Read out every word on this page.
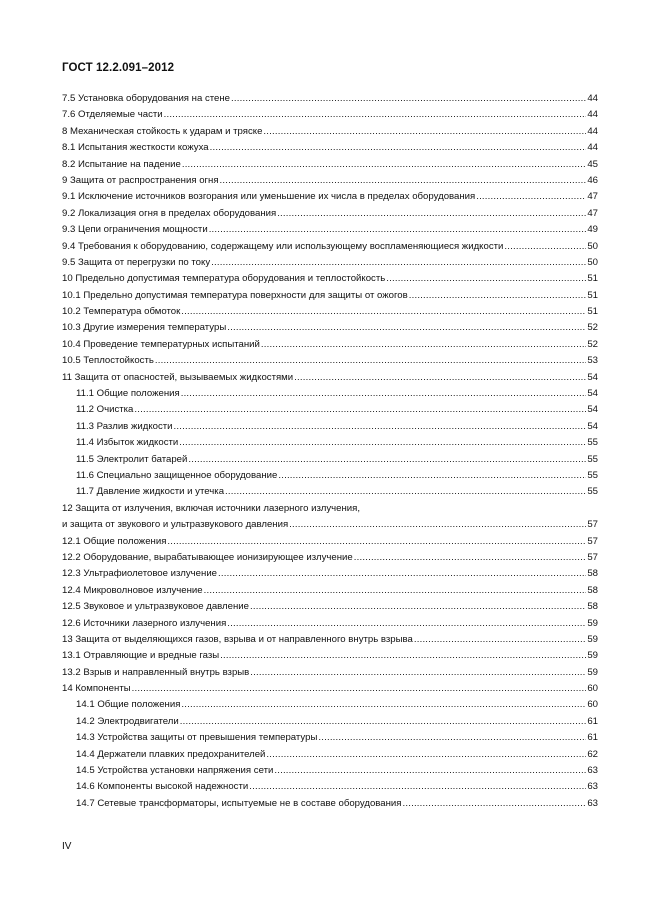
ГОСТ 12.2.091–2012
7.5 Установка оборудования на стене .....	44
7.6 Отделяемые части .....	44
8 Механическая стойкость к ударам и тряске .....	44
8.1 Испытания жесткости кожуха .....	44
8.2 Испытание на падение .....	45
9 Защита от распространения огня .....	46
9.1 Исключение источников возгорания или уменьшение их числа в пределах оборудования .....	47
9.2 Локализация огня в пределах оборудования .....	47
9.3 Цепи ограничения мощности .....	49
9.4 Требования к оборудованию, содержащему или использующему воспламеняющиеся жидкости .....	50
9.5 Защита от перегрузки по току .....	50
10 Предельно допустимая температура оборудования и теплостойкость .....	51
10.1 Предельно допустимая температура поверхности для защиты от ожогов .....	51
10.2 Температура обмоток .....	51
10.3 Другие измерения температуры .....	52
10.4 Проведение температурных испытаний .....	52
10.5 Теплостойкость .....	53
11 Защита от опасностей, вызываемых жидкостями .....	54
11.1 Общие положения .....	54
11.2 Очистка .....	54
11.3 Разлив жидкости .....	54
11.4 Избыток жидкости .....	55
11.5 Электролит батарей .....	55
11.6 Специально защищенное оборудование .....	55
11.7 Давление жидкости и утечка .....	55
12 Защита от излучения, включая источники лазерного излучения,
и защита от звукового и ультразвукового давления .....	57
12.1 Общие положения .....	57
12.2 Оборудование, вырабатывающее ионизирующее излучение .....	57
12.3 Ультрафиолетовое излучение .....	58
12.4 Микроволновое излучение .....	58
12.5 Звуковое и ультразвуковое давление .....	58
12.6 Источники лазерного излучения .....	59
13 Защита от выделяющихся газов, взрыва и от направленного внутрь взрыва .....	59
13.1 Отравляющие и вредные газы .....	59
13.2 Взрыв и направленный внутрь взрыв .....	59
14 Компоненты .....	60
14.1 Общие положения .....	60
14.2 Электродвигатели .....	61
14.3 Устройства защиты от превышения температуры .....	61
14.4 Держатели плавких предохранителей .....	62
14.5 Устройства установки напряжения сети .....	63
14.6 Компоненты высокой надежности .....	63
14.7 Сетевые трансформаторы, испытуемые не в составе оборудования .....	63
IV
